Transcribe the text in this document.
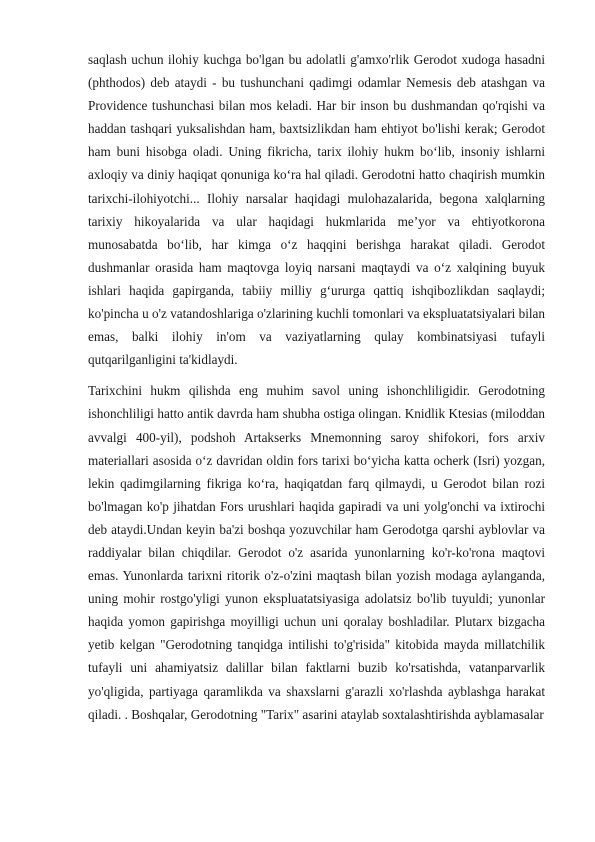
saqlash uchun ilohiy kuchga bo'lgan bu adolatli g'amxo'rlik Gerodot xudoga hasadni (phthodos) deb ataydi - bu tushunchani qadimgi odamlar Nemesis deb atashgan va Providence tushunchasi bilan mos keladi. Har bir inson bu dushmandan qo'rqishi va haddan tashqari yuksalishdan ham, baxtsizlikdan ham ehtiyot bo'lishi kerak; Gerodot ham buni hisobga oladi. Uning fikricha, tarix ilohiy hukm bo‘lib, insoniy ishlarni axloqiy va diniy haqiqat qonuniga ko‘ra hal qiladi. Gerodotni hatto chaqirish mumkin tarixchi-ilohiyotchi... Ilohiy narsalar haqidagi mulohazalarida, begona xalqlarning tarixiy hikoyalarida va ular haqidagi hukmlarida me’yor va ehtiyotkorona munosabatda bo‘lib, har kimga o‘z haqqini berishga harakat qiladi. Gerodot dushmanlar orasida ham maqtovga loyiq narsani maqtaydi va o‘z xalqining buyuk ishlari haqida gapirganda, tabiiy milliy g‘ururga qattiq ishqibozlikdan saqlaydi; ko'pincha u o'z vatandoshlariga o'zlarining kuchli tomonlari va ekspluatatsiyalari bilan emas, balki ilohiy in'om va vaziyatlarning qulay kombinatsiyasi tufayli qutqarilganligini ta'kidlaydi.

Tarixchini hukm qilishda eng muhim savol uning ishonchliligidir. Gerodotning ishonchliligi hatto antik davrda ham shubha ostiga olingan. Knidlik Ktesias (miloddan avvalgi 400-yil), podshoh Artakserks Mnemonning saroy shifokori, fors arxiv materiallari asosida o‘z davridan oldin fors tarixi bo‘yicha katta ocherk (Isri) yozgan, lekin qadimgilarning fikriga ko‘ra, haqiqatdan farq qilmaydi, u Gerodot bilan rozi bo'lmagan ko'p jihatdan Fors urushlari haqida gapiradi va uni yolg'onchi va ixtirochi deb ataydi.Undan keyin ba'zi boshqa yozuvchilar ham Gerodotga qarshi ayblovlar va raddiyalar bilan chiqdilar. Gerodot o'z asarida yunonlarning ko'r-ko'rona maqtovi emas. Yunonlarda tarixni ritorik o'z-o'zini maqtash bilan yozish modaga aylanganda, uning mohir rostgo'yligi yunon ekspluatatsiyasiga adolatsiz bo'lib tuyuldi; yunonlar haqida yomon gapirishga moyilligi uchun uni qoralay boshladilar. Plutarx bizgacha yetib kelgan "Gerodotning tanqidga intilishi to'g'risida" kitobida mayda millatchilik tufayli uni ahamiyatsiz dalillar bilan faktlarni buzib ko'rsatishda, vatanparvarlik yo'qligida, partiyaga qaramlikda va shaxslarni g'arazli xo'rlashda ayblashga harakat qiladi. . Boshqalar, Gerodotning "Tarix" asarini ataylab soxtalashtirishda ayblamasalar
